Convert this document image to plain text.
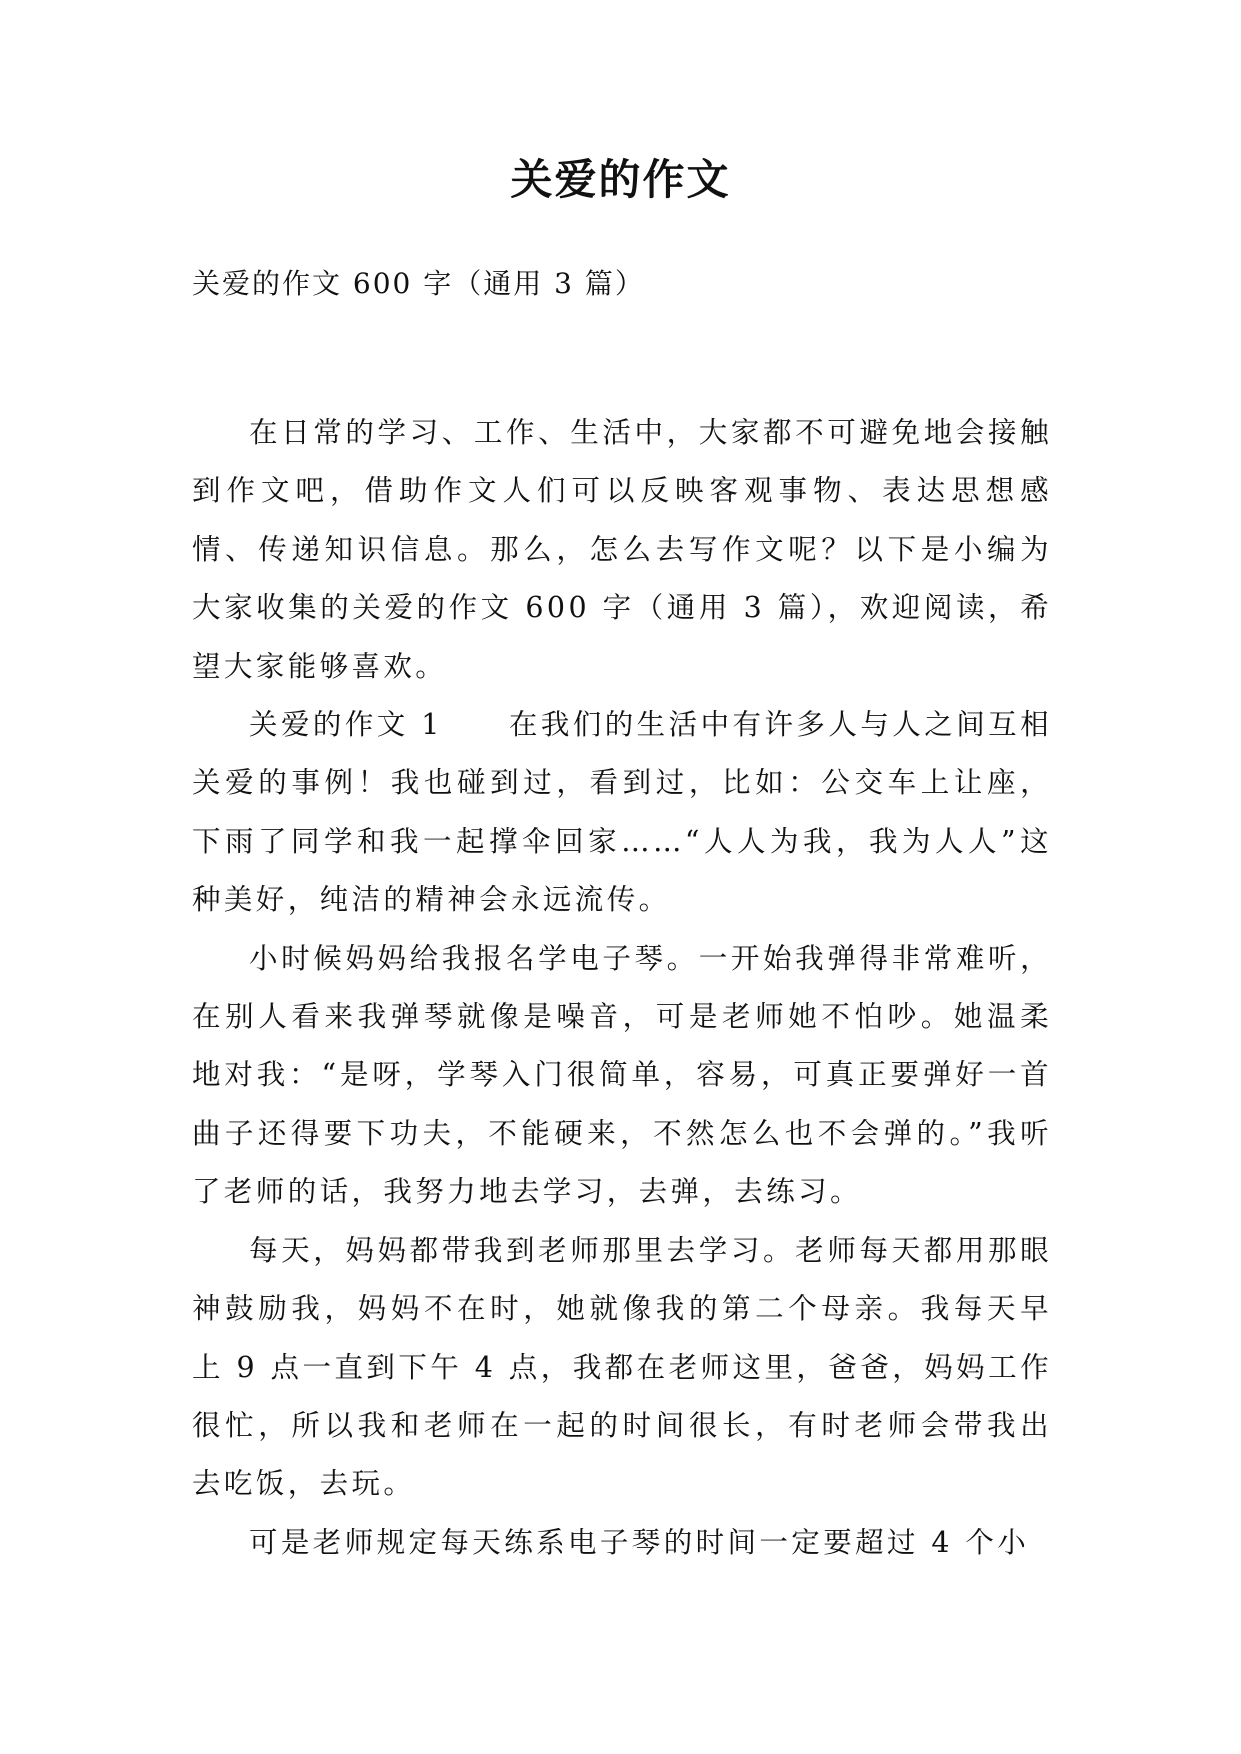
关爱的作文

关爱的作文 600 字（通用 3 篇）

在日常的学习、工作、生活中，大家都不可避免地会接触到作文吧，借助作文人们可以反映客观事物、表达思想感情、传递知识信息。那么，怎么去写作文呢？以下是小编为大家收集的关爱的作文 600 字（通用 3 篇），欢迎阅读，希望大家能够喜欢。

关爱的作文 1 在我们的生活中有许多人与人之间互相关爱的事例！我也碰到过，看到过，比如：公交车上让座，下雨了同学和我一起撑伞回家……“人人为我，我为人人”这种美好，纯洁的精神会永远流传。

小时候妈妈给我报名学电子琴。一开始我弹得非常难听，在别人看来我弹琴就像是噪音，可是老师她不怕吵。她温柔地对我：“是呀，学琴入门很简单，容易，可真正要弹好一首曲子还得要下功夫，不能硬来，不然怎么也不会弹的。”我听了老师的话，我努力地去学习，去弹，去练习。

每天，妈妈都带我到老师那里去学习。老师每天都用那眼神鼓励我，妈妈不在时，她就像我的第二个母亲。我每天早上 9 点一直到下午 4 点，我都在老师这里，爸爸，妈妈工作很忙，所以我和老师在一起的时间很长，有时老师会带我出去吃饭，去玩。

可是老师规定每天练系电子琴的时间一定要超过 4 个小
